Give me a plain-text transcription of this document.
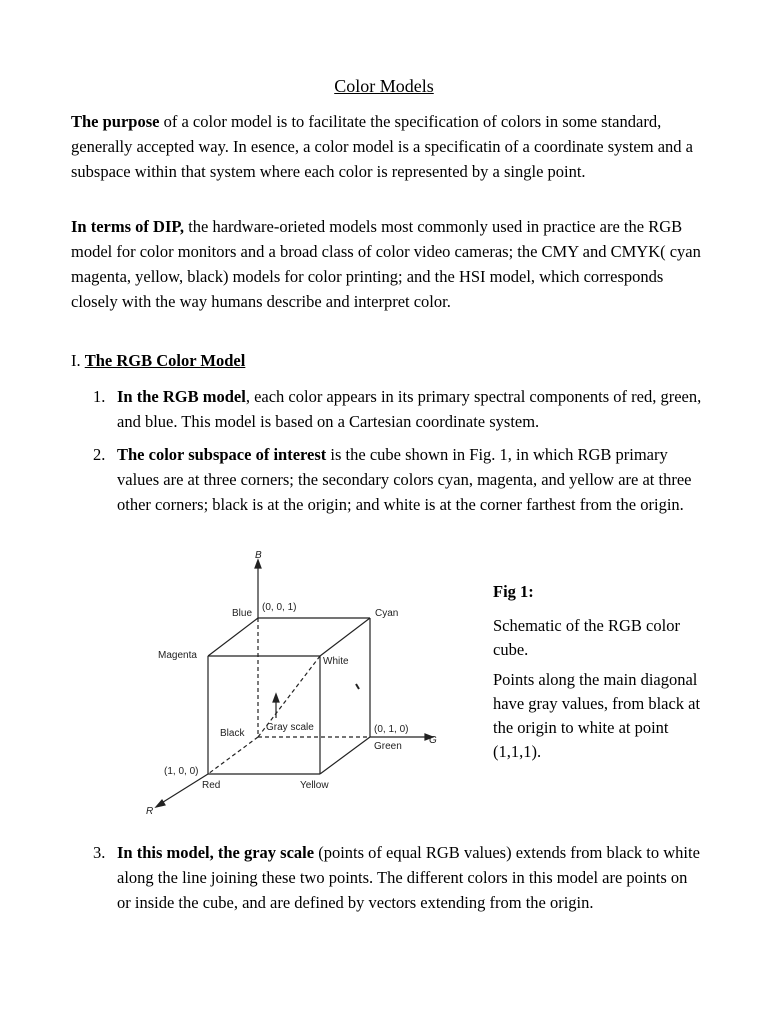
Color Models

The purpose of a color model is to facilitate the specification of colors in some standard, generally accepted way. In esence, a color model is a specificatin of a coordinate system and a subspace within that system where each color is represented by a single point.

In terms of DIP, the hardware-orieted models most commonly used in practice are the RGB model for color monitors and a broad class of color video cameras; the CMY and CMYK( cyan magenta, yellow, black) models for color printing; and the HSI model, which corresponds closely with the way humans describe and interpret color.

I. The RGB Color Model
1. In the RGB model, each color appears in its primary spectral components of red, green, and blue. This model is based on a Cartesian coordinate system.
2. The color subspace of interest is the cube shown in Fig. 1, in which RGB primary values are at three corners; the secondary colors cyan, magenta, and yellow are at three other corners; black is at the origin; and white is at the corner farthest from the origin.
B
G
R
Blue
(0, 0, 1)
Cyan
Magenta
White
Gray scale
Black	(0, 1, 0)
Green
(1, 0, 0)
Red	Yellow
Fig 1:
Schematic of the RGB color cube.
Points along the main diagonal have gray values, from black at the origin to white at point (1,1,1).
3. In this model, the gray scale (points of equal RGB values) extends from black to white along the line joining these two points. The different colors in this model are points on or inside the cube, and are defined by vectors extending from the origin.
